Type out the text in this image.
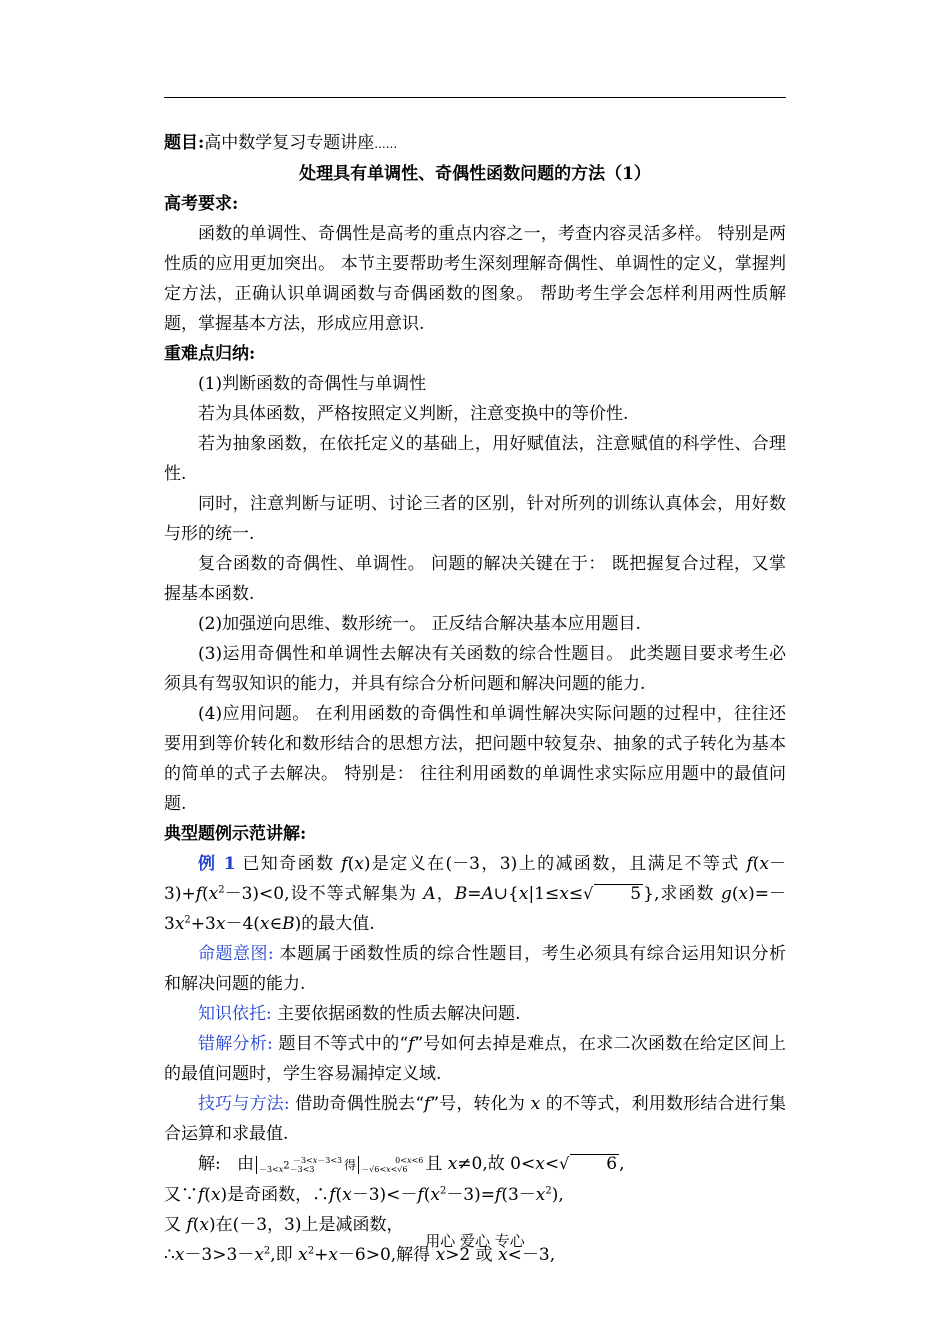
题目:高中数学复习专题讲座......

处理具有单调性、奇偶性函数问题的方法（1）

高考要求:

函数的单调性、奇偶性是高考的重点内容之一，考查内容灵活多样。 特别是两性质的应用更加突出。 本节主要帮助考生深刻理解奇偶性、单调性的定义，掌握判定方法，正确认识单调函数与奇偶函数的图象。 帮助考生学会怎样利用两性质解题，掌握基本方法，形成应用意识.

重难点归纳:

(1)判断函数的奇偶性与单调性

若为具体函数，严格按照定义判断，注意变换中的等价性.

若为抽象函数，在依托定义的基础上，用好赋值法，注意赋值的科学性、合理性.

同时，注意判断与证明、讨论三者的区别，针对所列的训练认真体会，用好数与形的统一.

复合函数的奇偶性、单调性。 问题的解决关键在于： 既把握复合过程，又掌握基本函数.

(2)加强逆向思维、数形统一。 正反结合解决基本应用题目.

(3)运用奇偶性和单调性去解决有关函数的综合性题目。 此类题目要求考生必须具有驾驭知识的能力，并具有综合分析问题和解决问题的能力.

(4)应用问题。 在利用函数的奇偶性和单调性解决实际问题的过程中，往往还要用到等价转化和数形结合的思想方法，把问题中较复杂、抽象的式子转化为基本的简单的式子去解决。 特别是： 往往利用函数的单调性求实际应用题中的最值问题.

典型题例示范讲解:

例 1 已知奇函数 f(x)是定义在(－3，3)上的减函数，且满足不等式 $f(x-3)+f(x^2-3)<0$,设不等式解集为 A，B=A∪{x|1≤x≤√ 5 },求函数 $g(x)=-3x^2+3x-4(x\in B)$的最大值.

命题意图: 本题属于函数性质的综合性题目，考生必须具有综合运用知识分析和解决问题的能力.

知识依托: 主要依据函数的性质去解决问题.

错解分析: 题目不等式中的“f”号如何去掉是难点，在求二次函数在给定区间上的最值问题时，学生容易漏掉定义域.

技巧与方法: 借助奇偶性脱去“f”号，转化为 x 的不等式，利用数形结合进行集合运算和求最值.

解: 由	－3<x－3<3
$-3<x^2-3<3$ 得	0<x<6
－√6<x<√6 且 x≠0,故 0<x<√ 6 ,

又∵f(x)是奇函数，$\therefore f(x-3)<-f(x^2-3)=f(3-x^2)$,

又 f(x)在(－3，3)上是减函数，

$\therefore x-3>3-x^2$,即 $x^2+x-6>0$,解得 x>2 或 x<－3,

用心 爱心 专心
